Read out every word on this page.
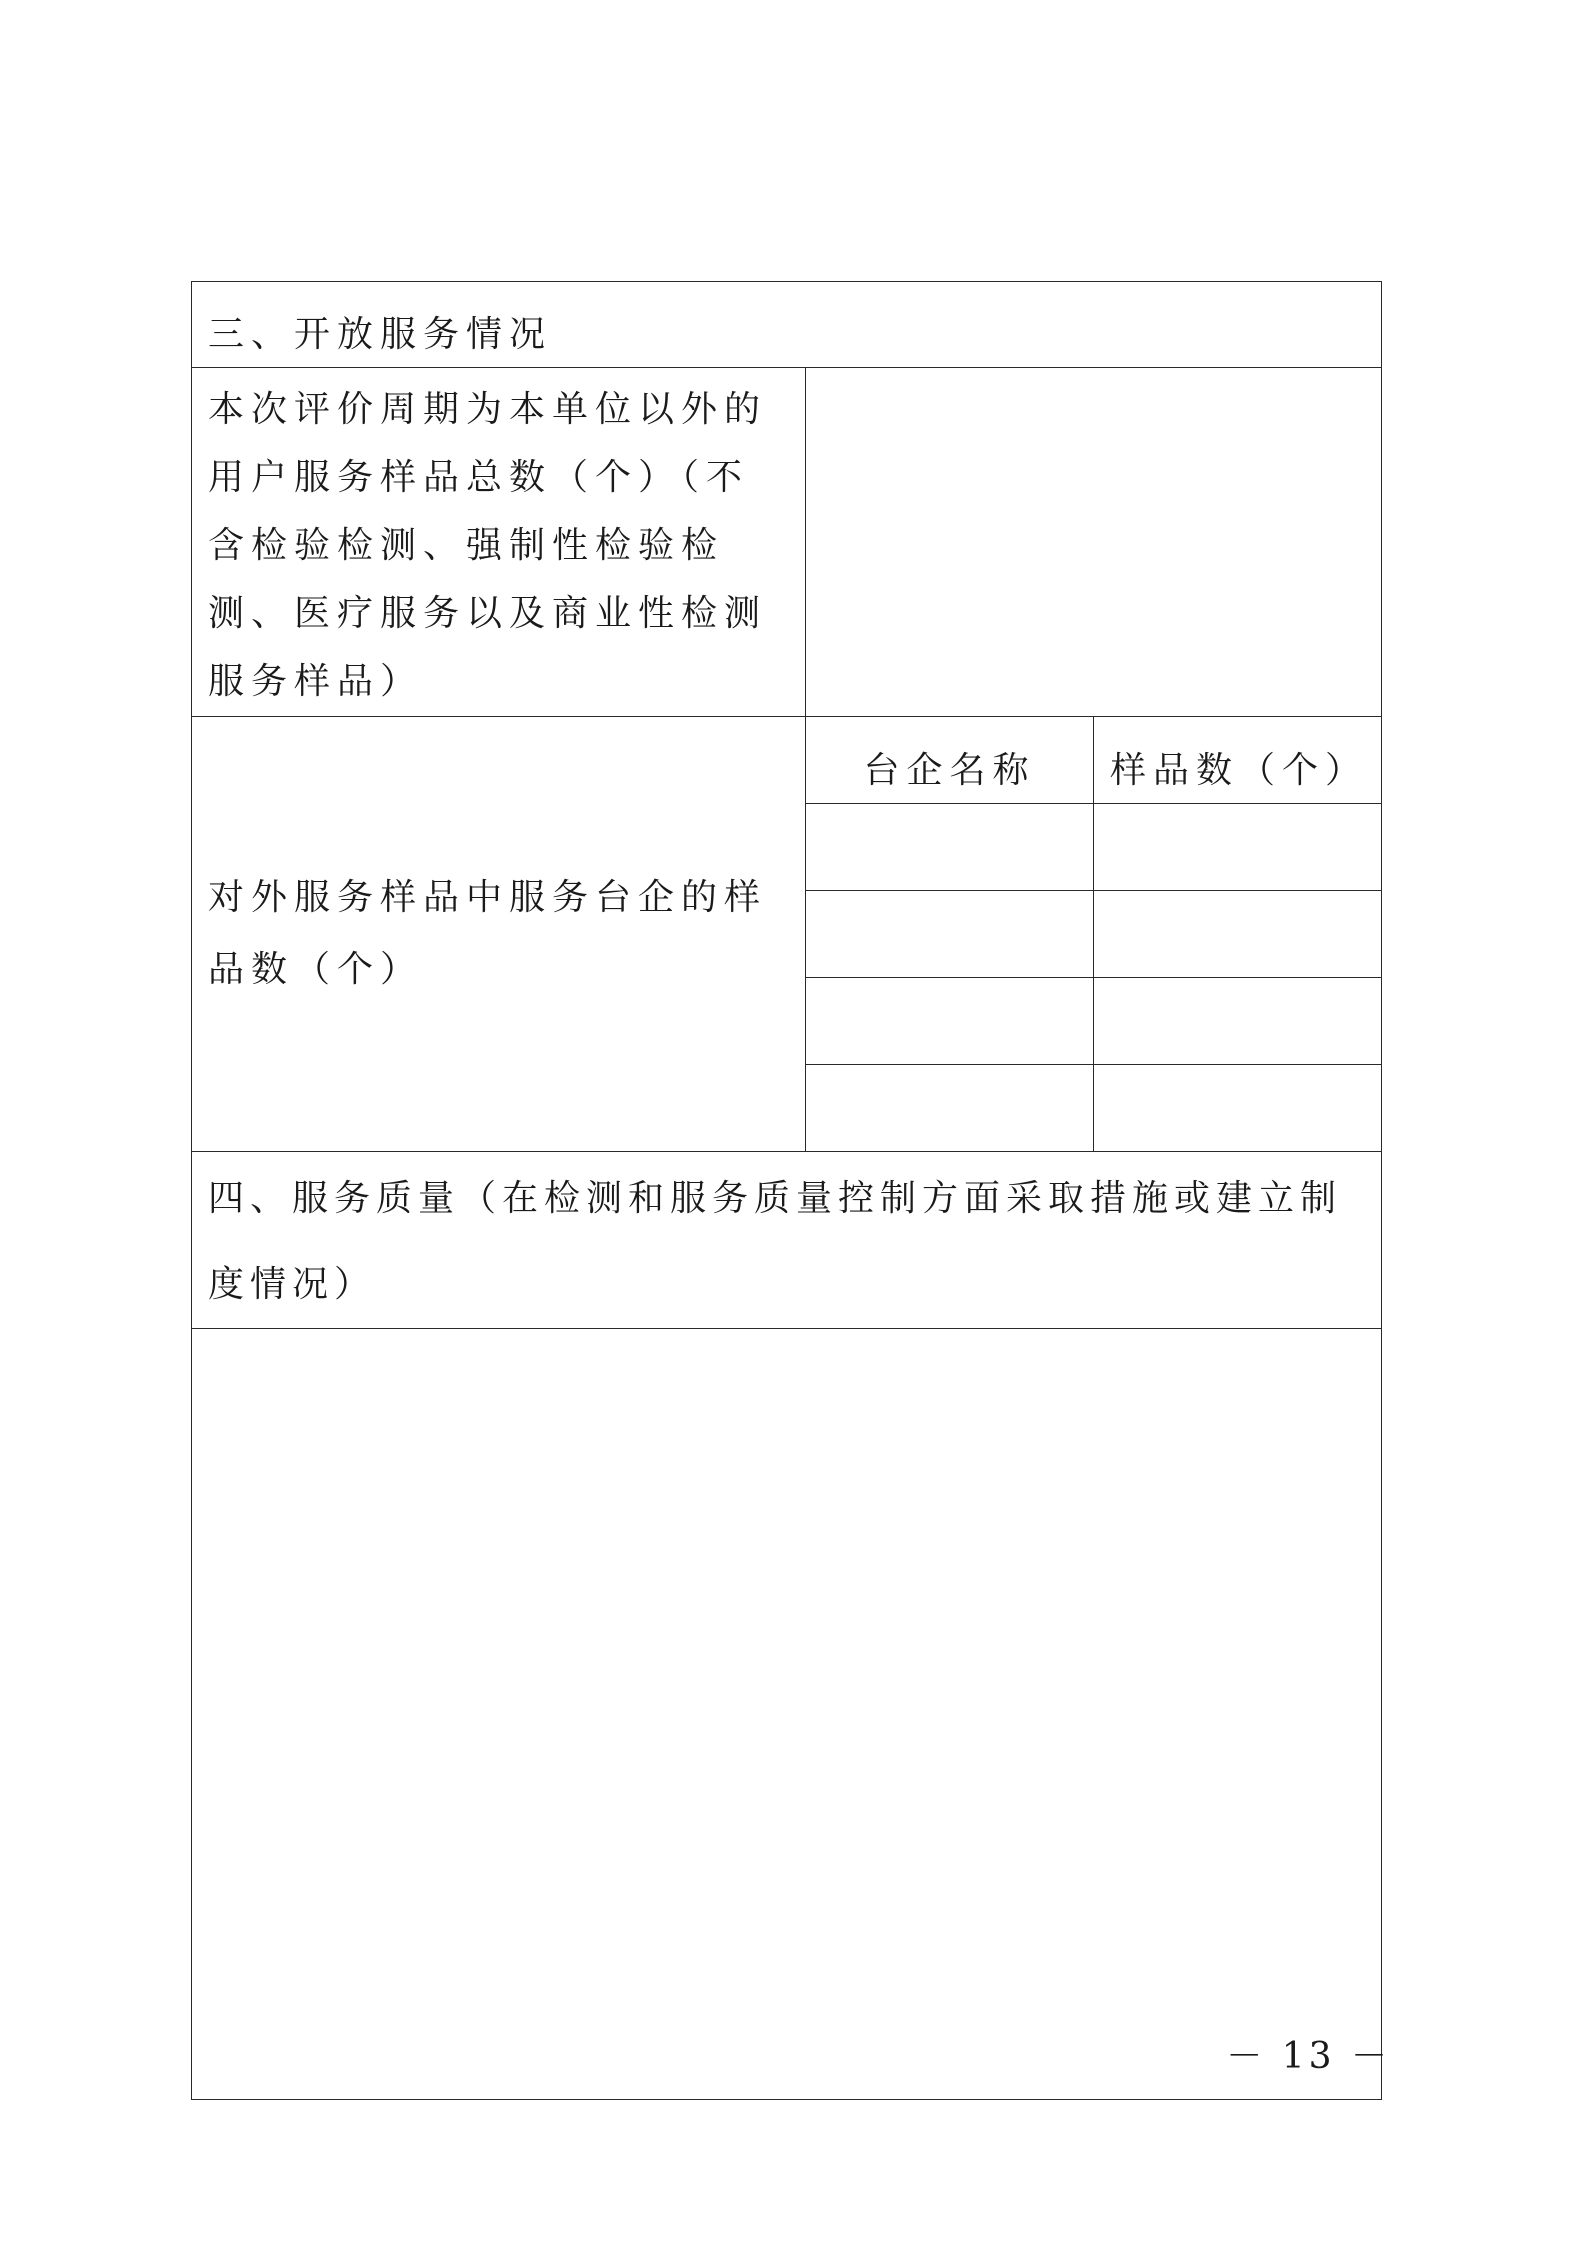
三、开放服务情况		
本次评价周期为本单位以外的用户服务样品总数（个）（不含检验检测、强制性检验检测、医疗服务以及商业性检测服务样品）		
对外服务样品中服务台企的样品数（个）	台企名称	样品数（个）

四、服务质量（在检测和服务质量控制方面采取措施或建立制度情况）		

－ 13 －
